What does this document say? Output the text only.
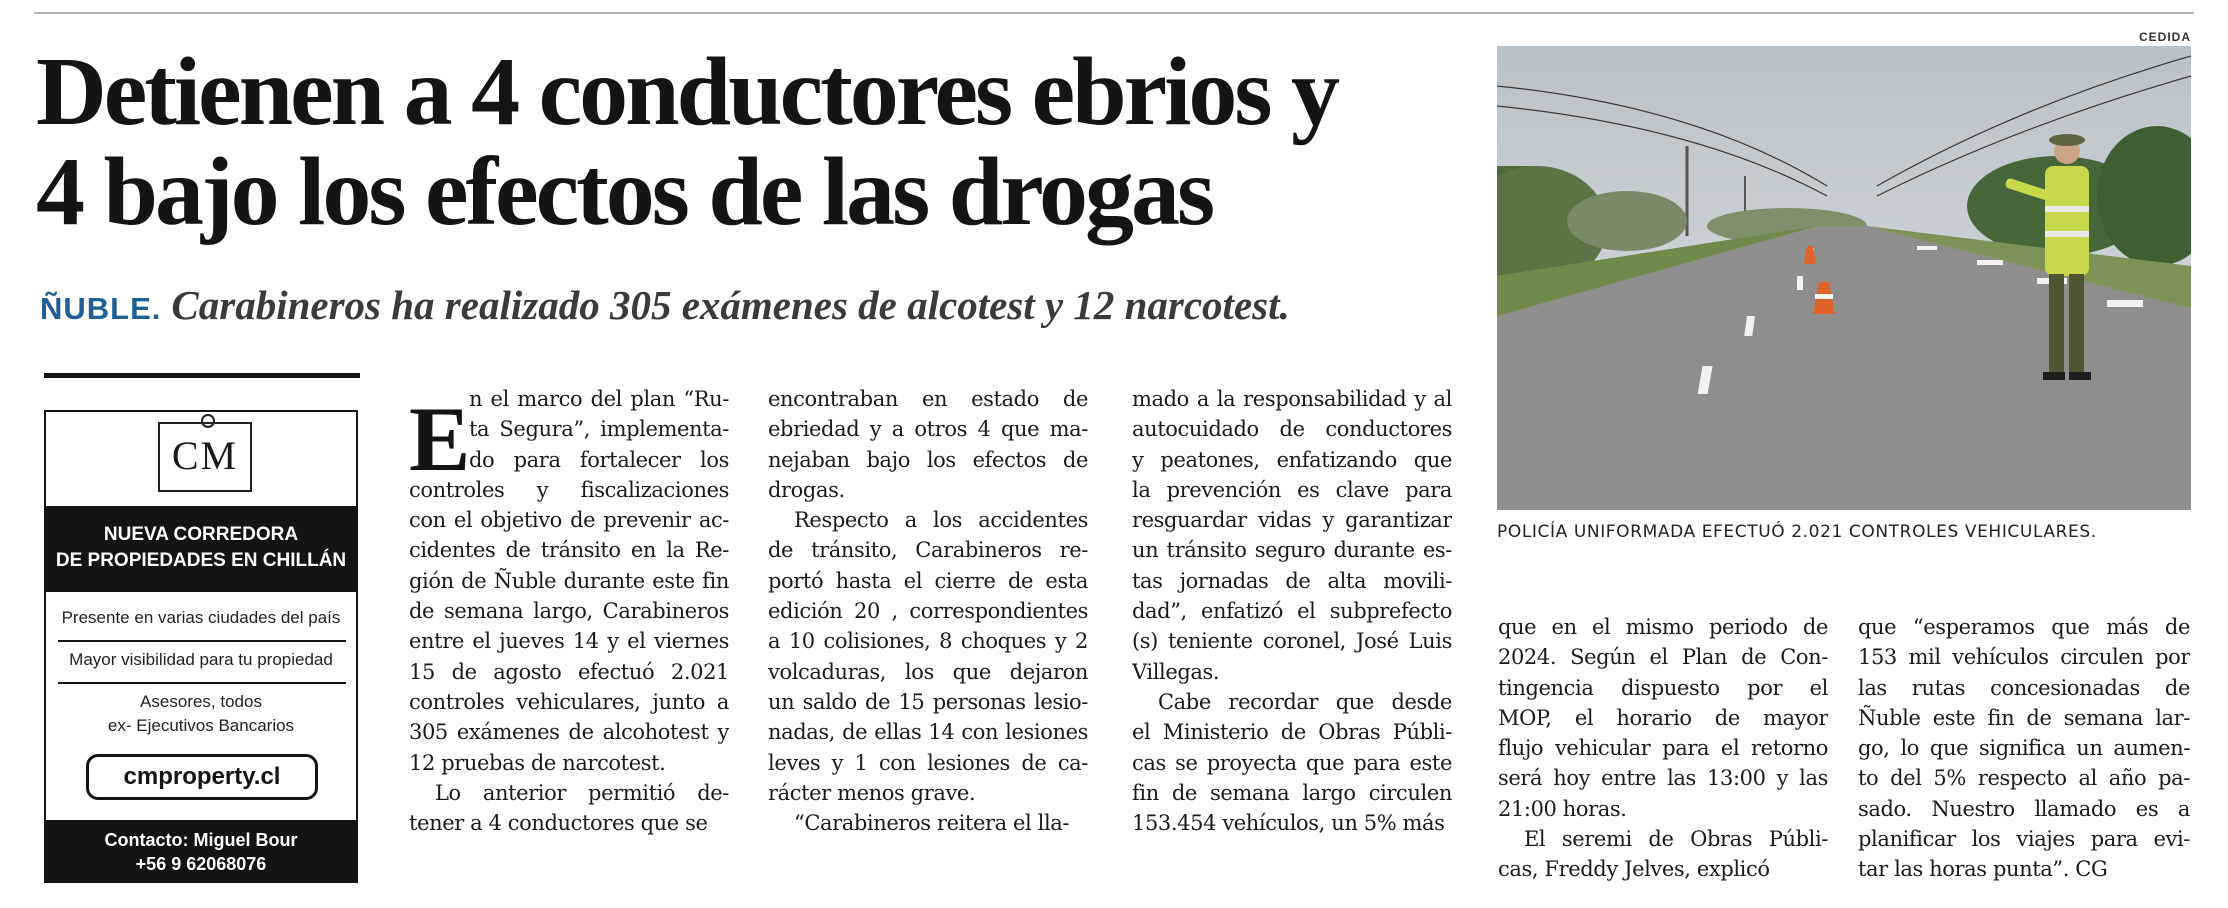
Detienen a 4 conductores ebrios y
4 bajo los efectos de las drogas
ÑUBLE. Carabineros ha realizado 305 exámenes de alcotest y 12 narcotest.
CEDIDA
POLICÍA UNIFORMADA EFECTUÓ 2.021 CONTROLES VEHICULARES.
CM
NUEVA CORREDORA
DE PROPIEDADES EN CHILLÁN
Presente en varias ciudades del país
Mayor visibilidad para tu propiedad
Asesores, todos
ex- Ejecutivos Bancarios
cmproperty.cl
Contacto: Miguel Bour
+56 9 62068076
E
n el marco del plan “Ru-
ta Segura”, implementa-
do para fortalecer los
controles y fiscalizaciones
con el objetivo de prevenir ac-
cidentes de tránsito en la Re-
gión de Ñuble durante este fin
de semana largo, Carabineros
entre el jueves 14 y el viernes
15 de agosto efectuó 2.021
controles vehiculares, junto a
305 exámenes de alcohotest y
12 pruebas de narcotest.
Lo anterior permitió de-
tener a 4 conductores que se
encontraban en estado de
ebriedad y a otros 4 que ma-
nejaban bajo los efectos de
drogas.
Respecto a los accidentes
de tránsito, Carabineros re-
portó hasta el cierre de esta
edición 20 , correspondientes
a 10 colisiones, 8 choques y 2
volcaduras, los que dejaron
un saldo de 15 personas lesio-
nadas, de ellas 14 con lesiones
leves y 1 con lesiones de ca-
rácter menos grave.
“Carabineros reitera el lla-
mado a la responsabilidad y al
autocuidado de conductores
y peatones, enfatizando que
la prevención es clave para
resguardar vidas y garantizar
un tránsito seguro durante es-
tas jornadas de alta movili-
dad”, enfatizó el subprefecto
(s) teniente coronel, José Luis
Villegas.
Cabe recordar que desde
el Ministerio de Obras Públi-
cas se proyecta que para este
fin de semana largo circulen
153.454 vehículos, un 5% más
que en el mismo periodo de
2024. Según el Plan de Con-
tingencia dispuesto por el
MOP, el horario de mayor
flujo vehicular para el retorno
será hoy entre las 13:00 y las
21:00 horas.
El seremi de Obras Públi-
cas, Freddy Jelves, explicó
que “esperamos que más de
153 mil vehículos circulen por
las rutas concesionadas de
Ñuble este fin de semana lar-
go, lo que significa un aumen-
to del 5% respecto al año pa-
sado. Nuestro llamado es a
planificar los viajes para evi-
tar las horas punta”. CG
